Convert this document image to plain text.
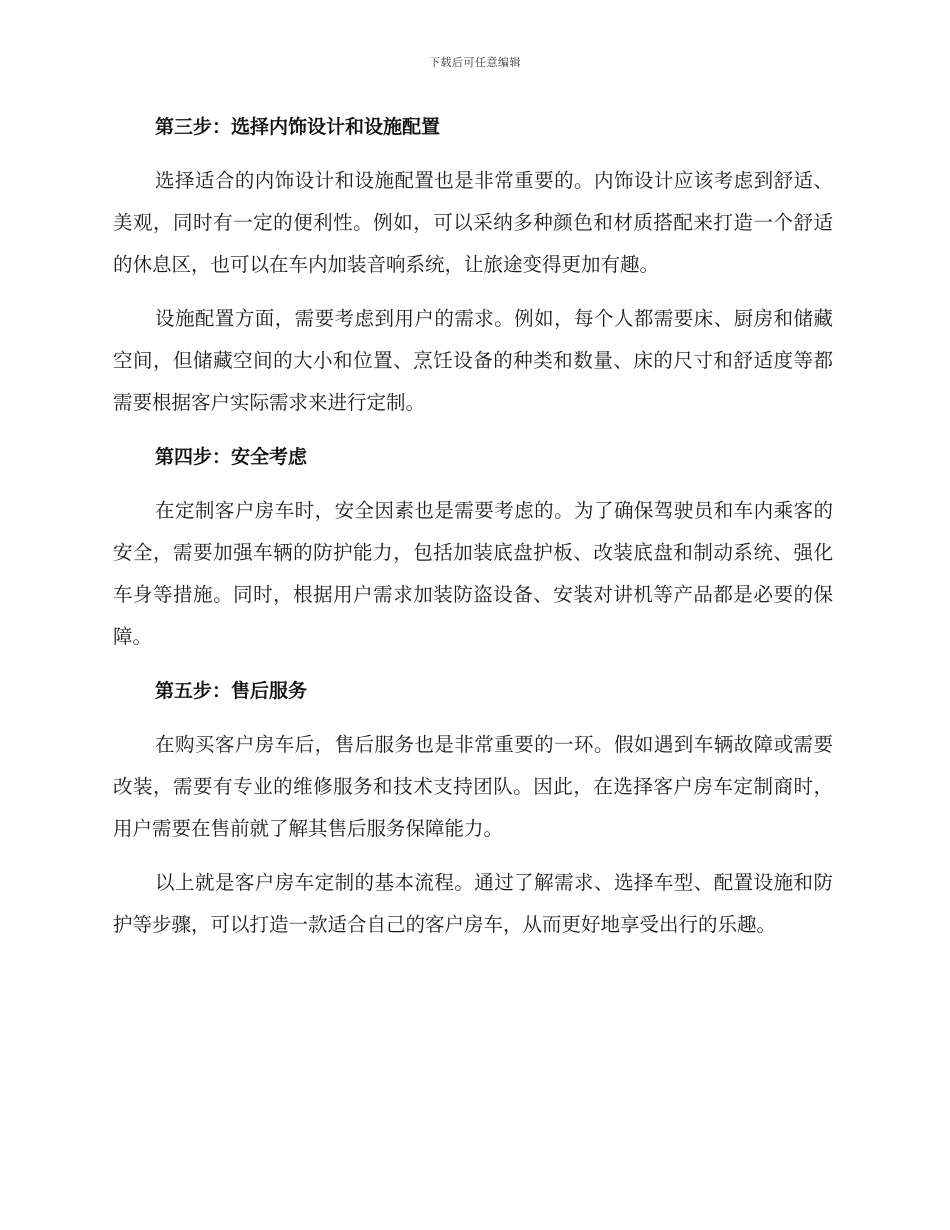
下载后可任意编辑
第三步：选择内饰设计和设施配置

选择适合的内饰设计和设施配置也是非常重要的。内饰设计应该考虑到舒适、美观，同时有一定的便利性。例如，可以采纳多种颜色和材质搭配来打造一个舒适的休息区，也可以在车内加装音响系统，让旅途变得更加有趣。

设施配置方面，需要考虑到用户的需求。例如，每个人都需要床、厨房和储藏空间，但储藏空间的大小和位置、烹饪设备的种类和数量、床的尺寸和舒适度等都需要根据客户实际需求来进行定制。

第四步：安全考虑

在定制客户房车时，安全因素也是需要考虑的。为了确保驾驶员和车内乘客的安全，需要加强车辆的防护能力，包括加装底盘护板、改装底盘和制动系统、强化车身等措施。同时，根据用户需求加装防盗设备、安装对讲机等产品都是必要的保障。

第五步：售后服务

在购买客户房车后，售后服务也是非常重要的一环。假如遇到车辆故障或需要改装，需要有专业的维修服务和技术支持团队。因此，在选择客户房车定制商时，用户需要在售前就了解其售后服务保障能力。

以上就是客户房车定制的基本流程。通过了解需求、选择车型、配置设施和防护等步骤，可以打造一款适合自己的客户房车，从而更好地享受出行的乐趣。
